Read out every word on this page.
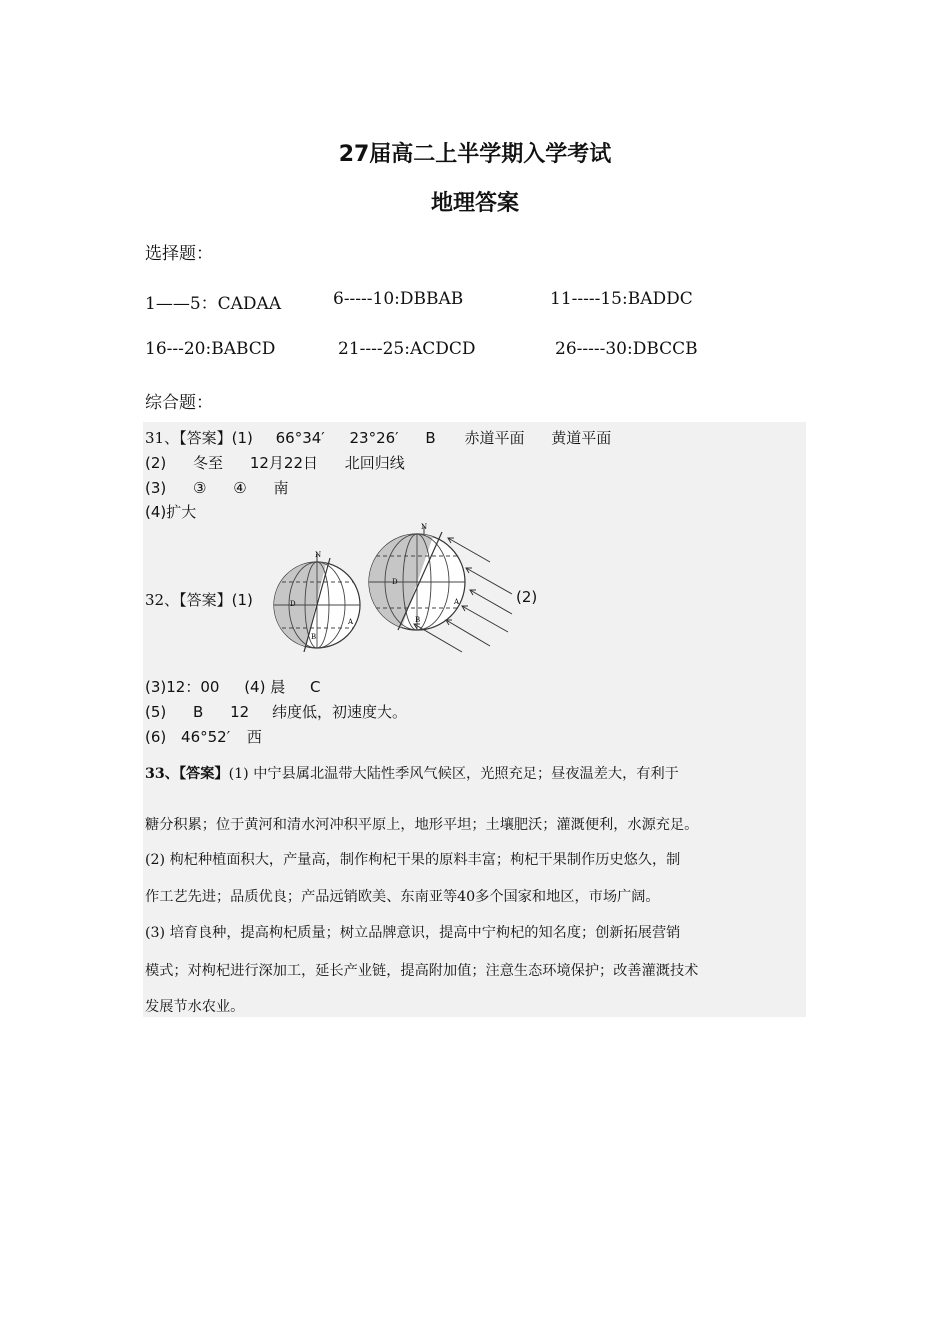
27届高二上半学期入学考试
地理答案
选择题：
1——5：CADAA	6-----10:DBBAB	11-----15:BADDC
16---20:BABCD	21----25:ACDCD	26-----30:DBCCB
综合题：
31、【答案】(1) 66°34′ 23°26′ B 赤道平面 黄道平面
(2) 冬至 12月22日 北回归线
(3) ③ ④ 南
(4)扩大
32、【答案】(1)
N
D
B
A
N
D
B
A	(2)
(3)12：00 (4) 晨 C
(5) B 12 纬度低，初速度大。
(6) 46°52′ 西
33、【答案】(1) 中宁县属北温带大陆性季风气候区，光照充足；昼夜温差大，有利于
糖分积累；位于黄河和清水河冲积平原上，地形平坦；土壤肥沃；灌溉便利，水源充足。
(2) 枸杞种植面积大，产量高，制作枸杞干果的原料丰富；枸杞干果制作历史悠久，制
作工艺先进；品质优良；产品远销欧美、东南亚等40多个国家和地区，市场广阔。
(3) 培育良种，提高枸杞质量；树立品牌意识，提高中宁枸杞的知名度；创新拓展营销
模式；对枸杞进行深加工，延长产业链，提高附加值；注意生态环境保护；改善灌溉技术
发展节水农业。
